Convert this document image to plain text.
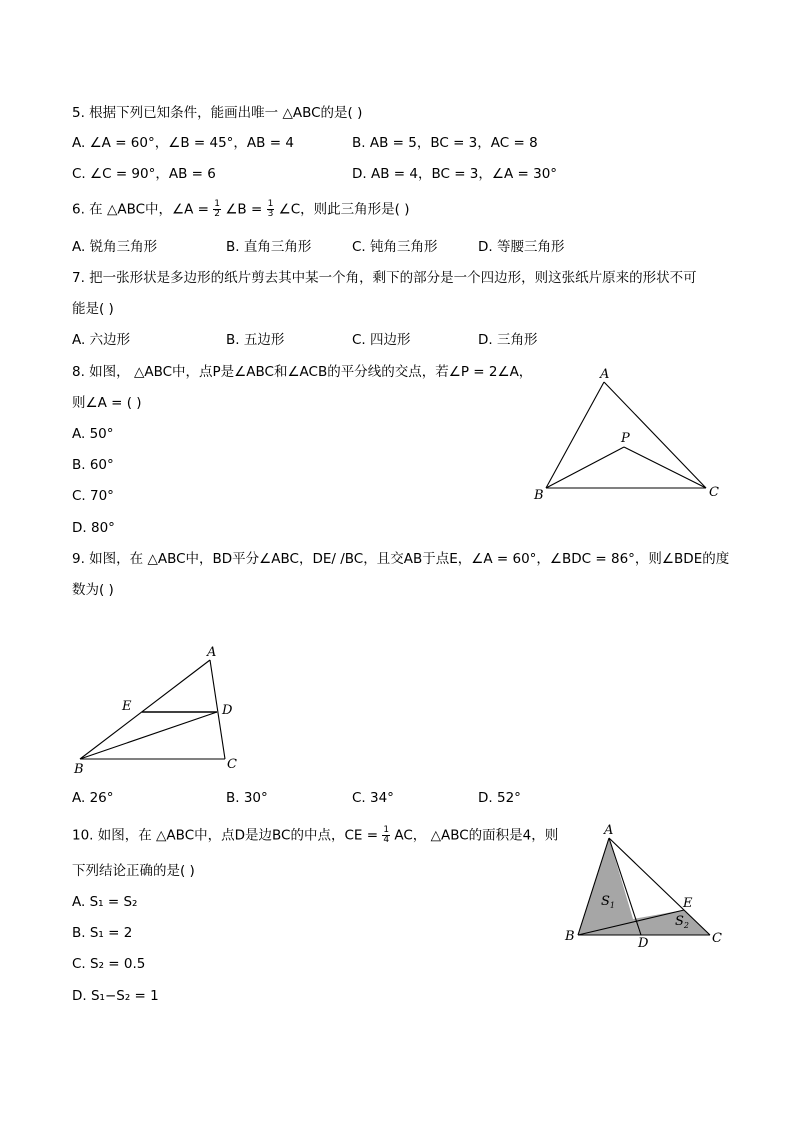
5. 根据下列已知条件，能画出唯一 △ABC的是( )
A. ∠A = 60°，∠B = 45°，AB = 4	B. AB = 5，BC = 3，AC = 8
C. ∠C = 90°，AB = 6	D. AB = 4，BC = 3，∠A = 30°
6. 在 △ABC中，∠A = $\frac{1}{2}$ ∠B = $\frac{1}{3}$ ∠C，则此三角形是( )
A. 锐角三角形	B. 直角三角形	C. 钝角三角形	D. 等腰三角形
7. 把一张形状是多边形的纸片剪去其中某一个角，剩下的部分是一个四边形，则这张纸片原来的形状不可
能是( )
A. 六边形	B. 五边形	C. 四边形	D. 三角形
8. 如图， △ABC中，点P是∠ABC和∠ACB的平分线的交点，若∠P = 2∠A，
则∠A = ( )
A. 50°
B. 60°
C. 70°
D. 80°
A
B	C
P
9. 如图，在 △ABC中，BD平分∠ABC，DE/ /BC，且交AB于点E，∠A = 60°，∠BDC = 86°，则∠BDE的度
数为( )
A
B	C
D
E
A. 26°	B. 30°	C. 34°	D. 52°
10. 如图，在 △ABC中，点D是边BC的中点，CE = $\frac{1}{4}$ AC， △ABC的面积是4，则
下列结论正确的是( )
A. S₁ = S₂
B. S₁ = 2
C. S₂ = 0.5
D. S₁−S₂ = 1
A
B	C
D
E
$S_1$
$S_2$
